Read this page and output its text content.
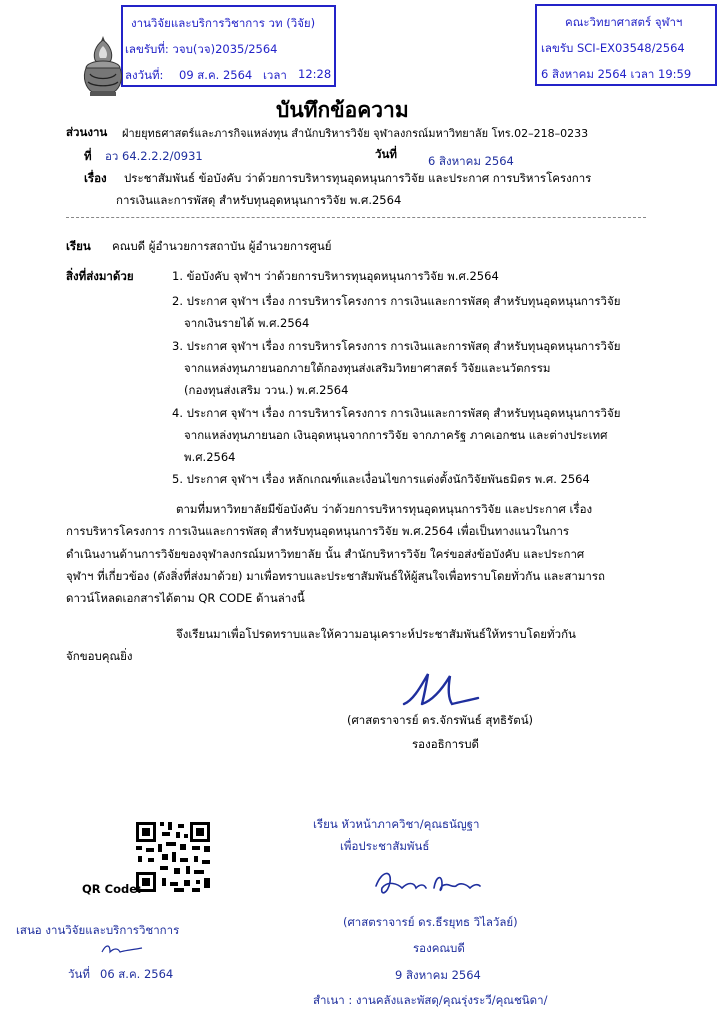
งานวิจัยและบริการวิชาการ วท (วิจัย)
เลขรับที่: วจบ(วจ)2035/2564
ลงวันที่: 09 ส.ค. 2564 เวลา 12:28
คณะวิทยาศาสตร์ จุฬาฯ
เลขรับ SCI-EX03548/2564
6 สิงหาคม 2564 เวลา 19:59
บันทึกข้อความ
ส่วนงาน ฝ่ายยุทธศาสตร์และภารกิจแหล่งทุน สำนักบริหารวิจัย จุฬาลงกรณ์มหาวิทยาลัย โทร.02–218–0233
ที่ อว 64.2.2.2/0931	วันที่	6 สิงหาคม 2564
เรื่อง ประชาสัมพันธ์ ข้อบังคับ ว่าด้วยการบริหารทุนอุดหนุนการวิจัย และประกาศ การบริหารโครงการ
การเงินและการพัสดุ สำหรับทุนอุดหนุนการวิจัย พ.ศ.2564
เรียน คณบดี ผู้อำนวยการสถาบัน ผู้อำนวยการศูนย์
สิ่งที่ส่งมาด้วย	1. ข้อบังคับ จุฬาฯ ว่าด้วยการบริหารทุนอุดหนุนการวิจัย พ.ศ.2564
2. ประกาศ จุฬาฯ เรื่อง การบริหารโครงการ การเงินและการพัสดุ สำหรับทุนอุดหนุนการวิจัย
จากเงินรายได้ พ.ศ.2564
3. ประกาศ จุฬาฯ เรื่อง การบริหารโครงการ การเงินและการพัสดุ สำหรับทุนอุดหนุนการวิจัย
จากแหล่งทุนภายนอกภายใต้กองทุนส่งเสริมวิทยาศาสตร์ วิจัยและนวัตกรรม
(กองทุนส่งเสริม ววน.) พ.ศ.2564
4. ประกาศ จุฬาฯ เรื่อง การบริหารโครงการ การเงินและการพัสดุ สำหรับทุนอุดหนุนการวิจัย
จากแหล่งทุนภายนอก เงินอุดหนุนจากการวิจัย จากภาครัฐ ภาคเอกชน และต่างประเทศ
พ.ศ.2564
5. ประกาศ จุฬาฯ เรื่อง หลักเกณฑ์และเงื่อนไขการแต่งตั้งนักวิจัยพันธมิตร พ.ศ. 2564
ตามที่มหาวิทยาลัยมีข้อบังคับ ว่าด้วยการบริหารทุนอุดหนุนการวิจัย และประกาศ เรื่อง
การบริหารโครงการ การเงินและการพัสดุ สำหรับทุนอุดหนุนการวิจัย พ.ศ.2564 เพื่อเป็นทางแนวในการ
ดำเนินงานด้านการวิจัยของจุฬาลงกรณ์มหาวิทยาลัย นั้น สำนักบริหารวิจัย ใคร่ขอส่งข้อบังคับ และประกาศ
จุฬาฯ ที่เกี่ยวข้อง (ดังสิ่งที่ส่งมาด้วย) มาเพื่อทราบและประชาสัมพันธ์ให้ผู้สนใจเพื่อทราบโดยทั่วกัน และสามารถ
ดาวน์โหลดเอกสารได้ตาม QR CODE ด้านล่างนี้
จึงเรียนมาเพื่อโปรดทราบและให้ความอนุเคราะห์ประชาสัมพันธ์ให้ทราบโดยทั่วกัน
จักขอบคุณยิ่ง
(ศาสตราจารย์ ดร.จักรพันธ์ สุทธิรัตน์)
รองอธิการบดี
QR Code:
เรียน หัวหน้าภาควิชา/คุณธนัญฐา
เพื่อประชาสัมพันธ์
(ศาสตราจารย์ ดร.ธีรยุทธ วิไลวัลย์)
รองคณบดี
9 สิงหาคม 2564
สำเนา : งานคลังและพัสดุ/คุณรุ่งระวี/คุณชนิดา/
เสนอ งานวิจัยและบริการวิชาการ
วันที่ 06 ส.ค. 2564
